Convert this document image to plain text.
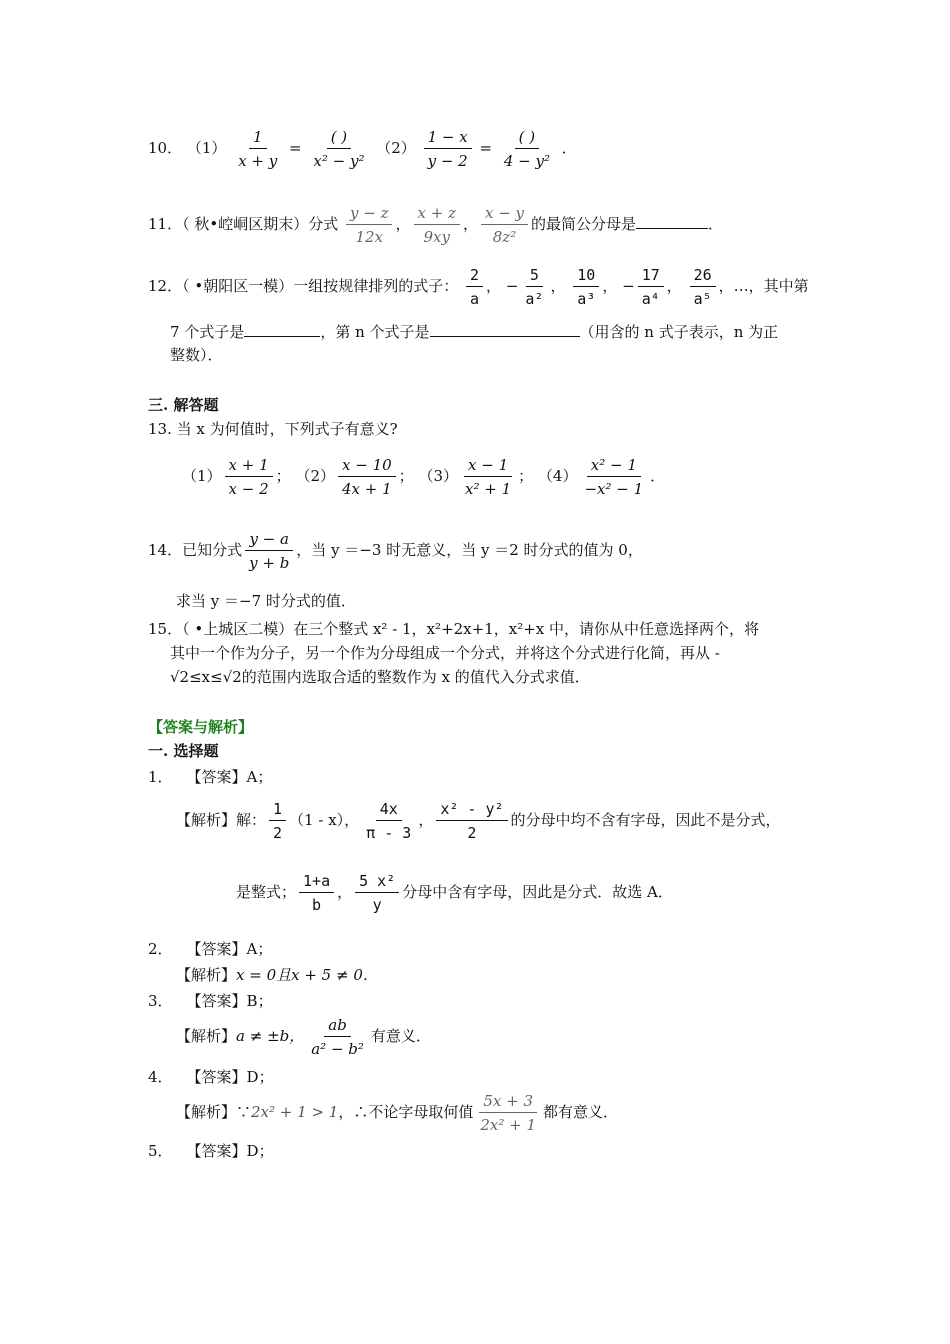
10． $(1) \frac{1}{x + y} = \frac{( )}{\text{x² − y²}} (2) \frac{1 - x}{y - 2} = \frac{( )}{\text{4 − y²}}$ ．
11．（ 秋•崆峒区期末）分式 $\frac{y - z}{12x}$ ， $\frac{x + z}{9xy}$ ， $\frac{x - y}{\text{8z²}}$ 的最简公分母是	．
12．（ •朝阳区一模）一组按规律排列的式子： $\frac{2}{a}$ ， − $\frac{5}{\text{a²}}$ ， $\frac{10}{\text{a³}}$ ， − $\frac{17}{\text{a⁴}}$ ， $\frac{26}{\text{a⁵}}$ ，…，其中第
7 个式子是	，第 n 个式子是	（用含的 n 式子表示，n 为正
整数）．
三. 解答题
13. 当 x 为何值时，下列式子有意义?
$(1) \frac{x + 1}{x - 2}$ ； $(2) \frac{x - 10}{4x + 1}$ ； $(3) \frac{x - 1}{\text{x² + 1}}$ ； $(4) \frac{\text{x² − 1}}{\text{−x² − 1}}$ ．
14．已知分式 $\frac{y - a}{y + b}$ ，当 y ＝−3 时无意义，当 y ＝2 时分式的值为 0，
求当 y ＝−7 时分式的值．
15．（ •上城区二模）在三个整式 x² - 1，x²+2x+1，x²+x 中，请你从中任意选择两个，将
其中一个作为分子，另一个作为分母组成一个分式，并将这个分式进行化简，再从 -
√2≤x≤√2的范围内选取合适的整数作为 x 的值代入分式求值．
【答案与解析】
一. 选择题
1． 【答案】A；
【解析】解： $\frac{1}{2} (1 - x)$， $\frac{4x}{\pi - 3}$ ， $\frac{\text{x² - y²}}{2}$ 的分母中均不含有字母，因此不是分式，
是整式； $\frac{1+a}{b}$ ， $\frac{\text{5 x²}}{y}$ 分母中含有字母，因此是分式．故选 A．
2． 【答案】A；
【解析】x = 0且x + 5 ≠ 0．
3． 【答案】B；
【解析】a ≠ ±b， $\frac{ab}{\text{a² − b²}}$ 有意义．
4． 【答案】D；
【解析】∵2x² + 1 > 1，∴不论字母取何值 $\frac{5x + 3}{\text{2x² + 1}}$ 都有意义．
5． 【答案】D；
